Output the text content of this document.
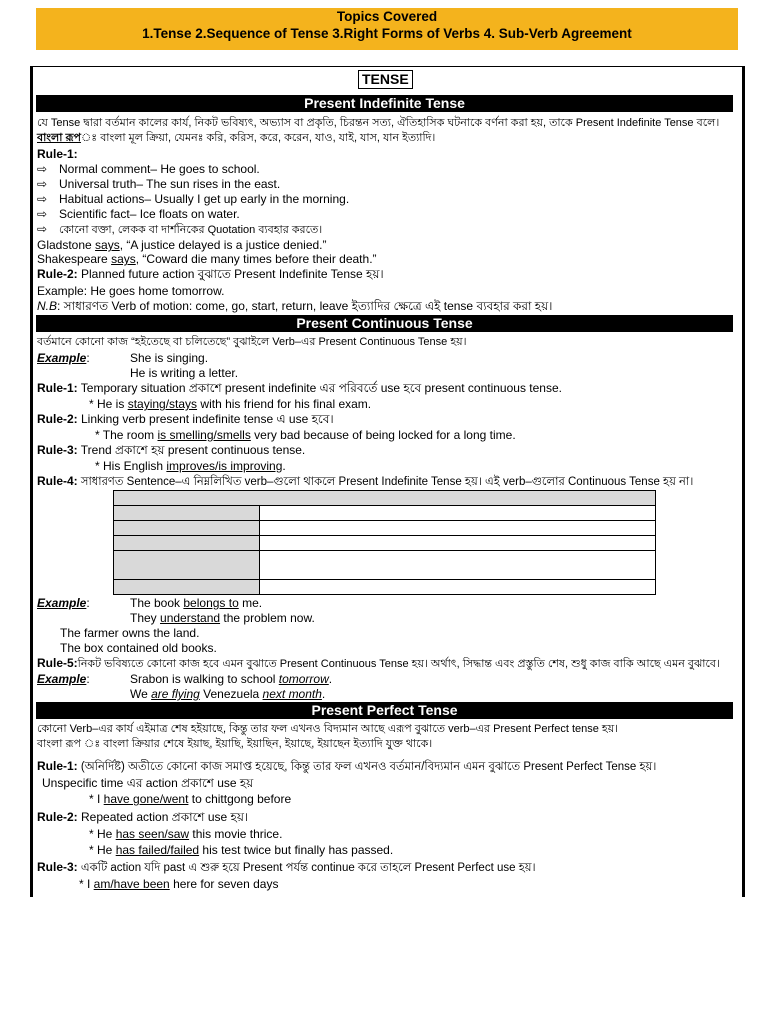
Topics Covered
1.Tense 2.Sequence of Tense 3.Right Forms of Verbs 4. Sub-Verb Agreement
TENSE
Present Indefinite Tense
যে Tense দ্বারা বর্তমান কালের কার্য, নিকট ভবিষ্যৎ, অভ্যাস বা প্রকৃতি, চিরন্তন সত্য, ঐতিহাসিক ঘটনাকে বর্ণনা করা হয়, তাকে Present Indefinite Tense বলে।
বাংলা রূপঃ বাংলা মূল ক্রিয়া, যেমনঃ করি, করিস, করে, করেন, যাও, যাই, যাস, যান ইত্যাদি।
Rule-1:
⇨ Normal comment– He goes to school.
⇨ Universal truth– The sun rises in the east.
⇨ Habitual actions– Usually I get up early in the morning.
⇨ Scientific fact– Ice floats on water.
⇨ কোনো বক্তা, লেকক বা দার্শনিকের Quotation ব্যবহার করতে।
Gladstone says, “A justice delayed is a justice denied.”
Shakespeare says, “Coward die many times before their death.”
Rule-2: Planned future action বুঝাতে Present Indefinite Tense হয়।
Example: He goes home tomorrow.
N.B: সাধারণত Verb of motion: come, go, start, return, leave ইত্যাদির ক্ষেত্রে এই tense ব্যবহার করা হয়।
Present Continuous Tense
বর্তমানে কোনো কাজ “হইতেছে বা চলিতেছে” বুঝাইলে Verb–এর Present Continuous Tense হয়।
Example:	She is singing.
He is writing a letter.
Rule-1: Temporary situation প্রকাশে present indefinite এর পরিবর্তে use হবে present continuous tense.
* He is staying/stays with his friend for his final exam.
Rule-2: Linking verb present indefinite tense এ use হবে।
* The room is smelling/smells very bad because of being locked for a long time.
Rule-3: Trend প্রকাশে হয় present continuous tense.
* His English improves/is improving.
Rule-4: সাধারণত Sentence–এ নিম্নলিখিত verb–গুলো থাকলে Present Indefinite Tense হয়। এই verb–গুলোর Continuous Tense হয় না।

Example:	The book belongs to me.
They understand the problem now.
The farmer owns the land.
The box contained old books.
Rule-5:নিকট ভবিষ্যতে কোনো কাজ হবে এমন বুঝাতে Present Continuous Tense হয়। অর্থাৎ, সিদ্ধান্ত এবং প্রস্তুতি শেষ, শুধু কাজ বাকি আছে এমন বুঝাবে।
Example:	Srabon is walking to school tomorrow.
We are flying Venezuela next month.
Present Perfect Tense
কোনো Verb–এর কার্য এইমাত্র শেষ হইয়াছে, কিন্তু তার ফল এখনও বিদ্যমান আছে এরূপ বুঝাতে verb–এর Present Perfect tense হয়।
বাংলা রূপ ঃ বাংলা ক্রিয়ার শেষে ইয়াছ, ইয়াছি, ইয়াছিন, ইয়াছে, ইয়াছেন ইত্যাদি যুক্ত থাকে।
Rule-1: (অনির্দিষ্ট) অতীতে কোনো কাজ সমাপ্ত হয়েছে, কিন্তু তার ফল এখনও বর্তমান/বিদ্যমান এমন বুঝাতে Present Perfect Tense হয়।
Unspecific time এর action প্রকাশে use হয়
* I have gone/went to chittgong before
Rule-2: Repeated action প্রকাশে use হয়।
* He has seen/saw this movie thrice.
* He has failed/failed his test twice but finally has passed.
Rule-3: একটি action যদি past এ শুরু হয়ে Present পর্যন্ত continue করে তাহলে Present Perfect use হয়।
* I am/have been here for seven days
